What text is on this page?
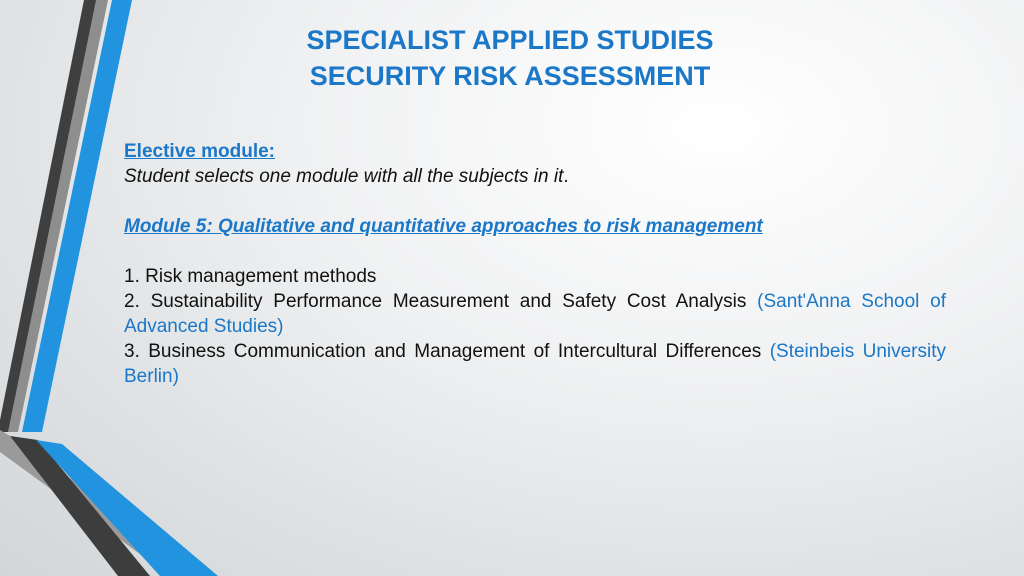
SPECIALIST APPLIED STUDIES
SECURITY RISK ASSESSMENT
Elective module:
Student selects one module with all the subjects in it.
Module 5: Qualitative and quantitative approaches to risk management
1. Risk management methods
2. Sustainability Performance Measurement and Safety Cost Analysis (Sant'Anna School of Advanced Studies)
3. Business Communication and Management of Intercultural Differences (Steinbeis University Berlin)
